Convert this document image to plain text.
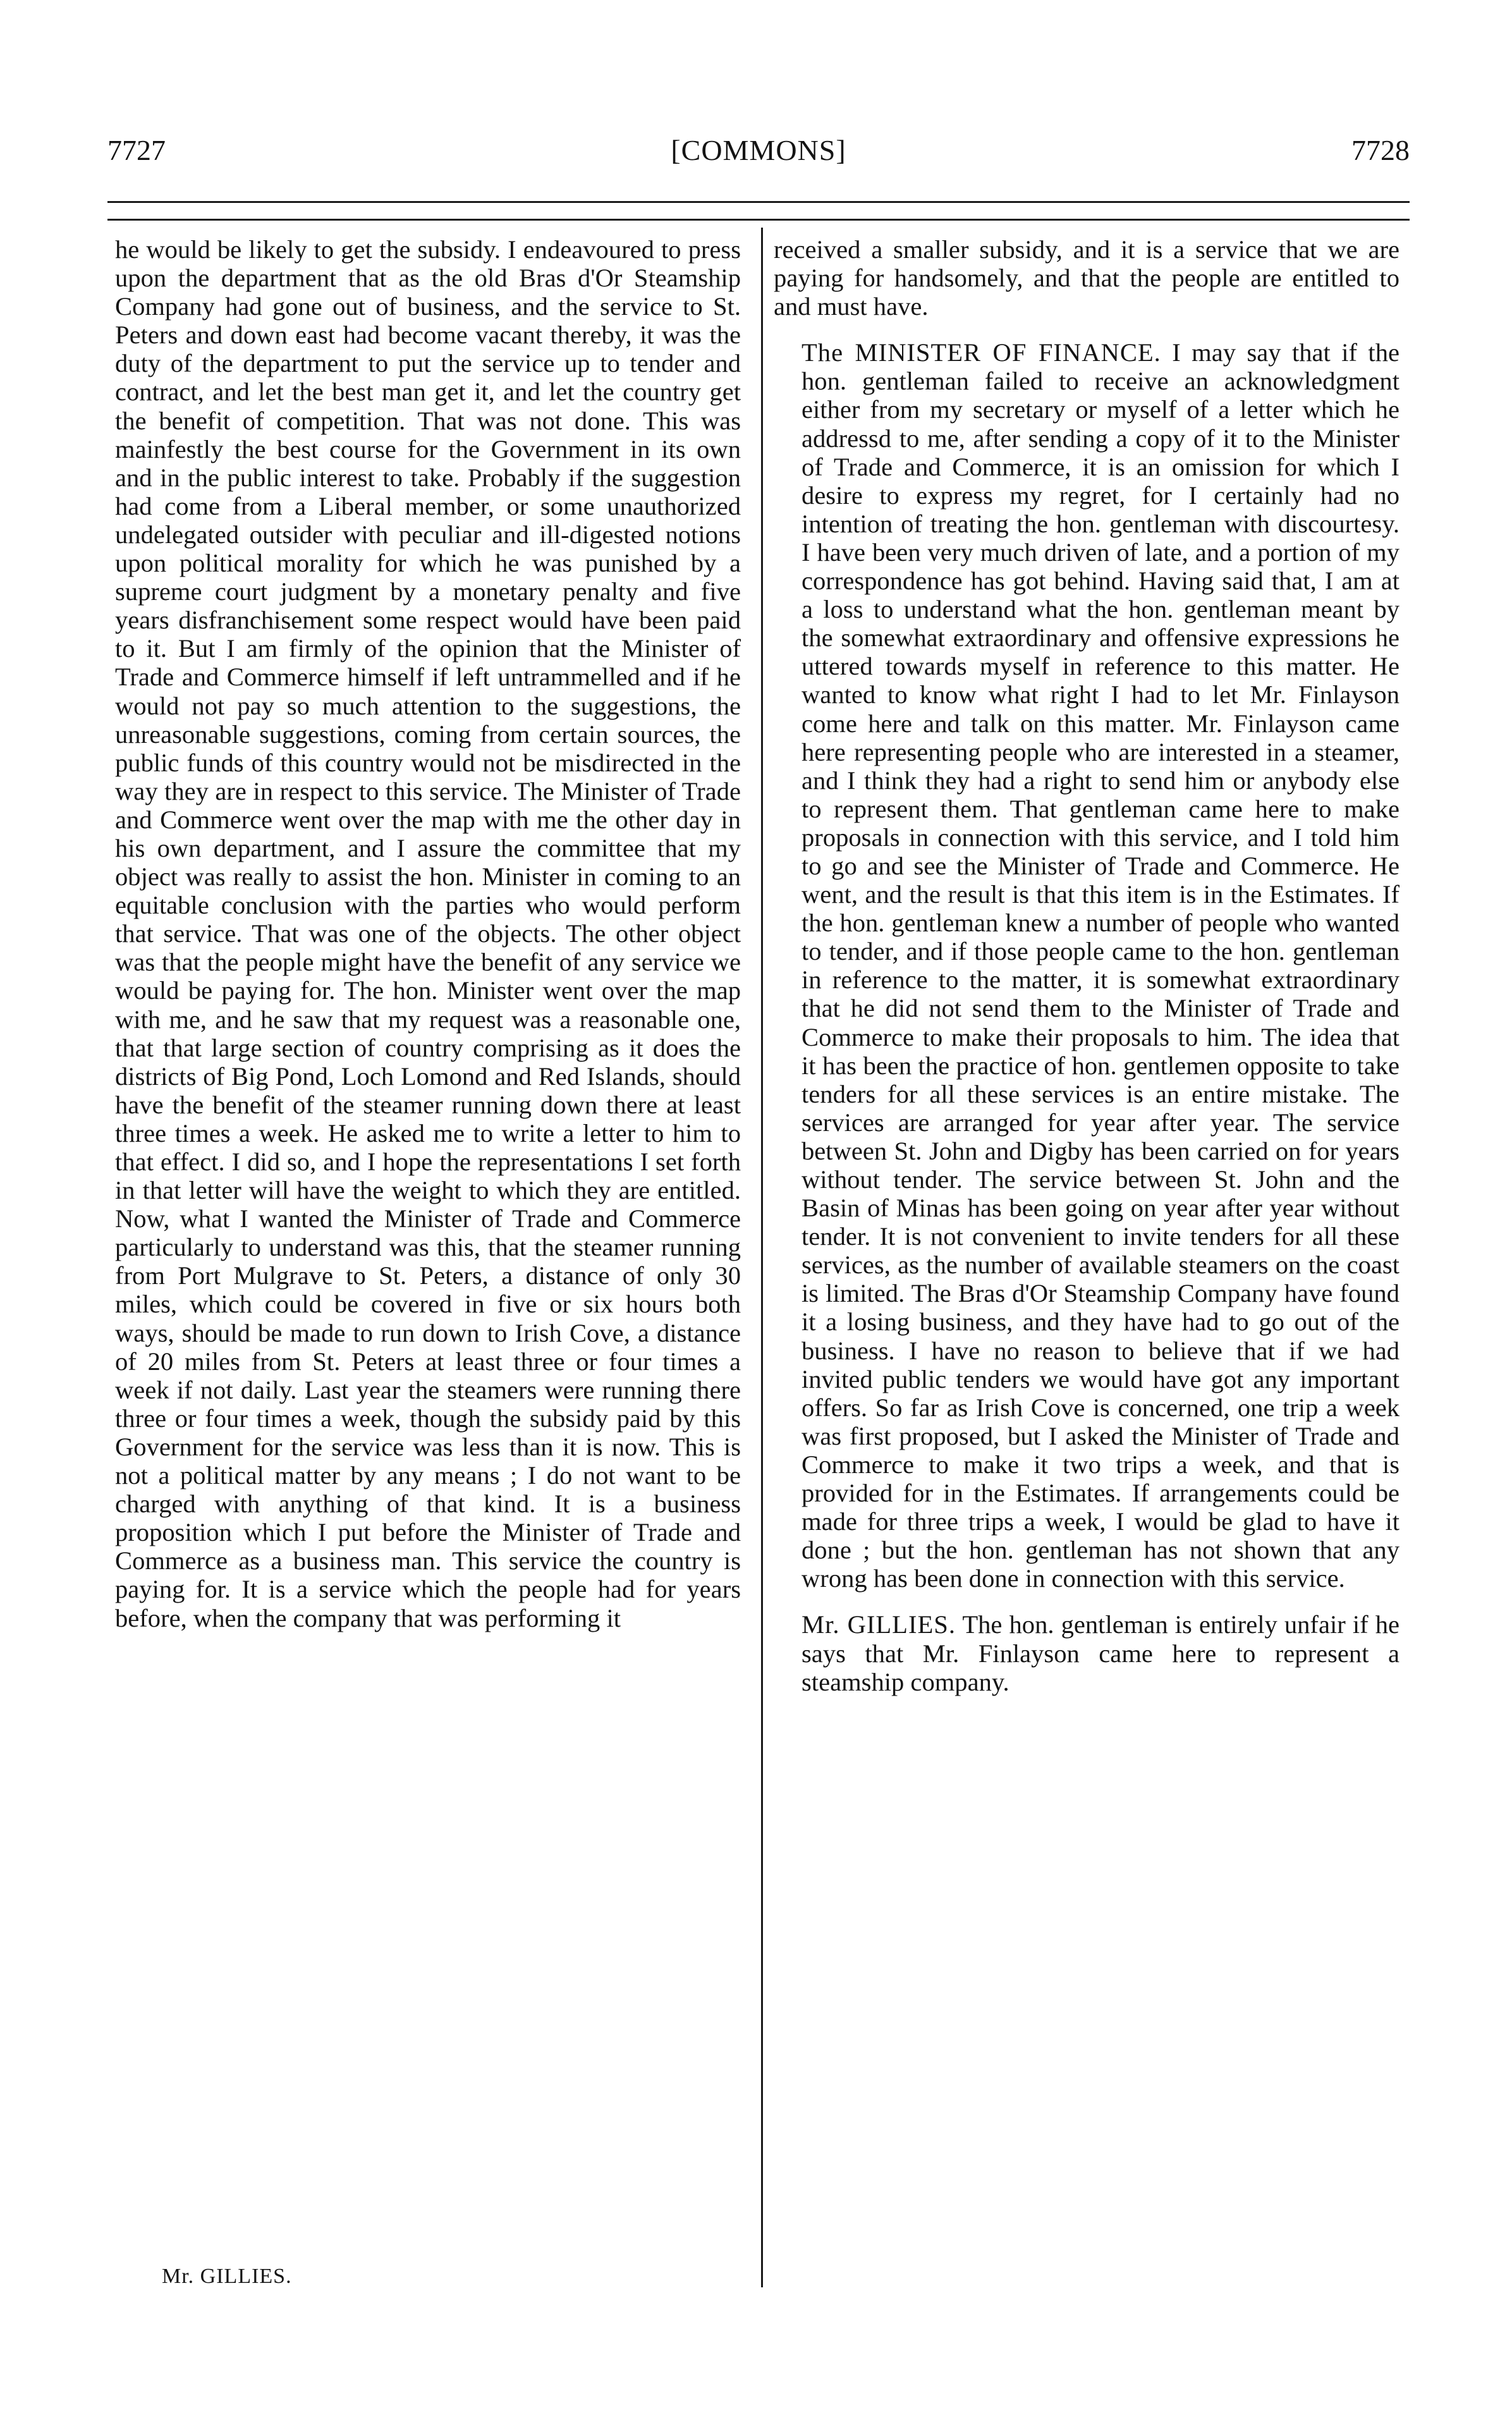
7727	[COMMONS]	7728

he would be likely to get the subsidy. I endeavoured to press upon the department that as the old Bras d'Or Steamship Company had gone out of business, and the service to St. Peters and down east had become vacant thereby, it was the duty of the department to put the service up to tender and contract, and let the best man get it, and let the country get the benefit of competition. That was not done. This was mainfestly the best course for the Government in its own and in the public interest to take. Probably if the suggestion had come from a Liberal member, or some unauthorized undelegated outsider with peculiar and ill-digested notions upon political morality for which he was punished by a supreme court judgment by a monetary penalty and five years disfranchisement some respect would have been paid to it. But I am firmly of the opinion that the Minister of Trade and Commerce himself if left untrammelled and if he would not pay so much attention to the suggestions, the unreasonable suggestions, coming from certain sources, the public funds of this country would not be misdirected in the way they are in respect to this service. The Minister of Trade and Commerce went over the map with me the other day in his own department, and I assure the committee that my object was really to assist the hon. Minister in coming to an equitable conclusion with the parties who would perform that service. That was one of the objects. The other object was that the people might have the benefit of any service we would be paying for. The hon. Minister went over the map with me, and he saw that my request was a reasonable one, that that large section of country comprising as it does the districts of Big Pond, Loch Lomond and Red Islands, should have the benefit of the steamer running down there at least three times a week. He asked me to write a letter to him to that effect. I did so, and I hope the representations I set forth in that letter will have the weight to which they are entitled. Now, what I wanted the Minister of Trade and Commerce particularly to understand was this, that the steamer running from Port Mulgrave to St. Peters, a distance of only 30 miles, which could be covered in five or six hours both ways, should be made to run down to Irish Cove, a distance of 20 miles from St. Peters at least three or four times a week if not daily. Last year the steamers were running there three or four times a week, though the subsidy paid by this Government for the service was less than it is now. This is not a political matter by any means ; I do not want to be charged with anything of that kind. It is a business proposition which I put before the Minister of Trade and Commerce as a business man. This service the country is paying for. It is a service which the people had for years before, when the company that was performing it

Mr. GILLIES.

received a smaller subsidy, and it is a service that we are paying for handsomely, and that the people are entitled to and must have.

The MINISTER OF FINANCE. I may say that if the hon. gentleman failed to receive an acknowledgment either from my secretary or myself of a letter which he addressd to me, after sending a copy of it to the Minister of Trade and Commerce, it is an omission for which I desire to express my regret, for I certainly had no intention of treating the hon. gentleman with discourtesy. I have been very much driven of late, and a portion of my correspondence has got behind. Having said that, I am at a loss to understand what the hon. gentleman meant by the somewhat extraordinary and offensive expressions he uttered towards myself in reference to this matter. He wanted to know what right I had to let Mr. Finlayson come here and talk on this matter. Mr. Finlayson came here representing people who are interested in a steamer, and I think they had a right to send him or anybody else to represent them. That gentleman came here to make proposals in connection with this service, and I told him to go and see the Minister of Trade and Commerce. He went, and the result is that this item is in the Estimates. If the hon. gentleman knew a number of people who wanted to tender, and if those people came to the hon. gentleman in reference to the matter, it is somewhat extraordinary that he did not send them to the Minister of Trade and Commerce to make their proposals to him. The idea that it has been the practice of hon. gentlemen opposite to take tenders for all these services is an entire mistake. The services are arranged for year after year. The service between St. John and Digby has been carried on for years without tender. The service between St. John and the Basin of Minas has been going on year after year without tender. It is not convenient to invite tenders for all these services, as the number of available steamers on the coast is limited. The Bras d'Or Steamship Company have found it a losing business, and they have had to go out of the business. I have no reason to believe that if we had invited public tenders we would have got any important offers. So far as Irish Cove is concerned, one trip a week was first proposed, but I asked the Minister of Trade and Commerce to make it two trips a week, and that is provided for in the Estimates. If arrangements could be made for three trips a week, I would be glad to have it done ; but the hon. gentleman has not shown that any wrong has been done in connection with this service.

Mr. GILLIES. The hon. gentleman is entirely unfair if he says that Mr. Finlayson came here to represent a steamship company.
